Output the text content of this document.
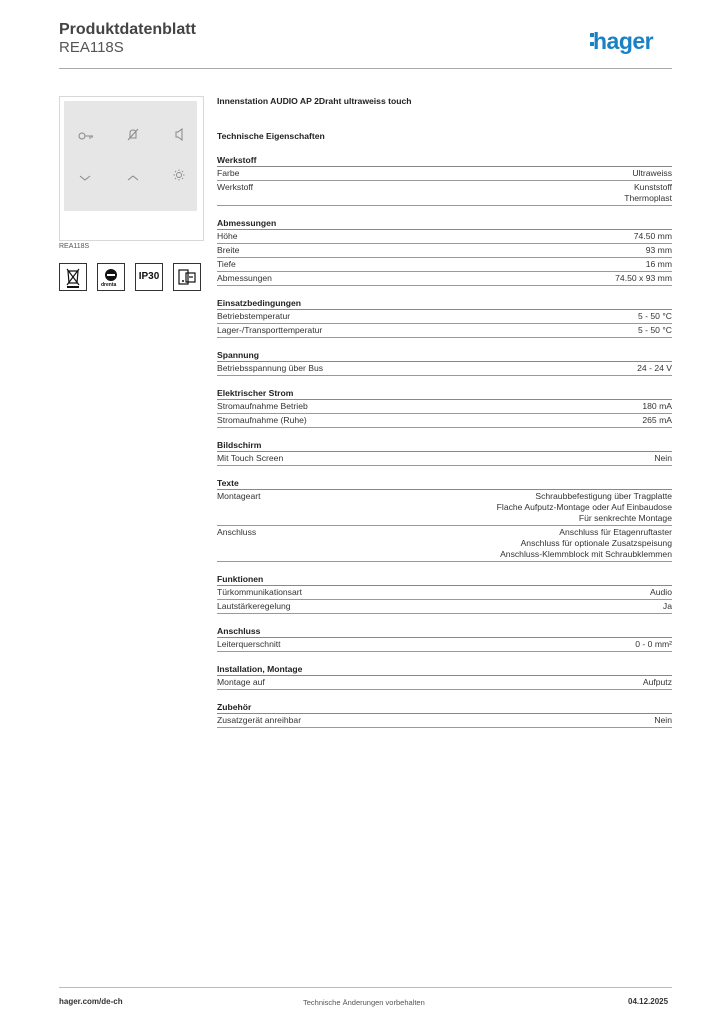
Produktdatenblatt
REA118S	hager
REA118S
drenta
IP30
Innenstation AUDIO AP 2Draht ultraweiss touch
Technische Eigenschaften
Werkstoff
Farbe	Ultraweiss
Werkstoff	Kunststoff
Thermoplast
Abmessungen
Höhe	74.50 mm
Breite	93 mm
Tiefe	16 mm
Abmessungen	74.50 x 93 mm
Einsatzbedingungen
Betriebstemperatur	5 - 50 °C
Lager-/Transporttemperatur	5 - 50 °C
Spannung
Betriebsspannung über Bus	24 - 24 V
Elektrischer Strom
Stromaufnahme Betrieb	180 mA
Stromaufnahme (Ruhe)	265 mA
Bildschirm
Mit Touch Screen	Nein
Texte
Montageart	Schraubbefestigung über Tragplatte
Flache Aufputz-Montage oder Auf Einbaudose
Für senkrechte Montage
Anschluss	Anschluss für Etagenruftaster
Anschluss für optionale Zusatzspeisung
Anschluss-Klemmblock mit Schraubklemmen
Funktionen
Türkommunikationsart	Audio
Lautstärkeregelung	Ja
Anschluss
Leiterquerschnitt	0 - 0 mm²
Installation, Montage
Montage auf	Aufputz
Zubehör
Zusatzgerät anreihbar	Nein
hager.com/de-ch	Technische Änderungen vorbehalten	04.12.2025
